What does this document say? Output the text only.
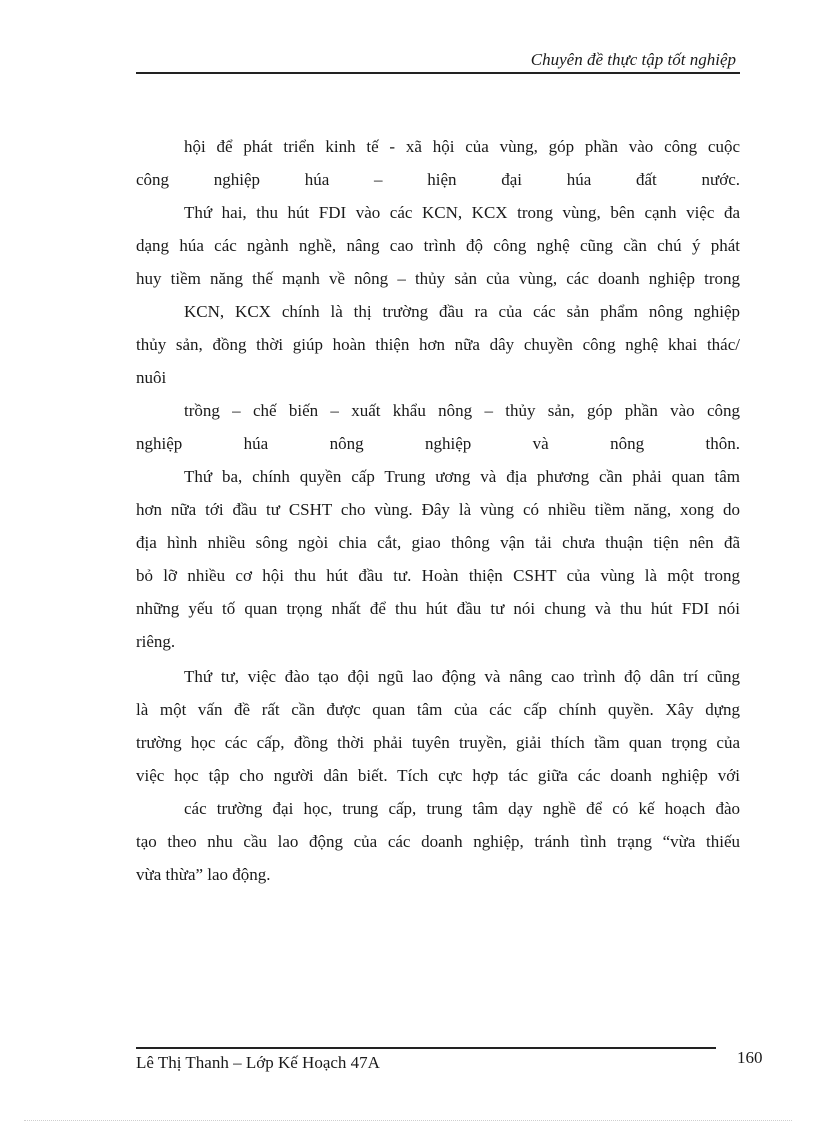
Chuyên đề thực tập tốt nghiệp
hội để phát triển kinh tế - xã hội của vùng, góp phần vào công cuộc
công nghiệp húa – hiện đại húa đất nước.
Thứ hai, thu hút FDI vào các KCN, KCX trong vùng, bên cạnh việc đa
dạng húa các ngành nghề, nâng cao trình độ công nghệ cũng cần chú ý phát
huy tiềm năng thế mạnh về nông – thủy sản của vùng, các doanh nghiệp trong
KCN, KCX chính là thị trường đầu ra của các sản phẩm nông nghiệp
thủy sản, đồng thời giúp hoàn thiện hơn nữa dây chuyền công nghệ khai thác/
nuôi
trồng – chế biến – xuất khẩu nông – thủy sản, góp phần vào công
nghiệp húa nông nghiệp và nông thôn.
Thứ ba, chính quyền cấp Trung ương và địa phương cần phải quan tâm
hơn nữa tới đầu tư CSHT cho vùng. Đây là vùng có nhiều tiềm năng, xong do
địa hình nhiều sông ngòi chia cắt, giao thông vận tải chưa thuận tiện nên đã
bỏ lỡ nhiều cơ hội thu hút đầu tư. Hoàn thiện CSHT của vùng là một trong
những yếu tố quan trọng nhất để thu hút đầu tư nói chung và thu hút FDI nói
riêng.
Thứ tư, việc đào tạo đội ngũ lao động và nâng cao trình độ dân trí cũng
là một vấn đề rất cần được quan tâm của các cấp chính quyền. Xây dựng
trường học các cấp, đồng thời phải tuyên truyền, giải thích tầm quan trọng của
việc học tập cho người dân biết. Tích cực hợp tác giữa các doanh nghiệp với
các trường đại học, trung cấp, trung tâm dạy nghề để có kế hoạch đào
tạo theo nhu cầu lao động của các doanh nghiệp, tránh tình trạng “vừa thiếu
vừa thừa” lao động.
Lê Thị Thanh – Lớp Kế Hoạch 47A	160
